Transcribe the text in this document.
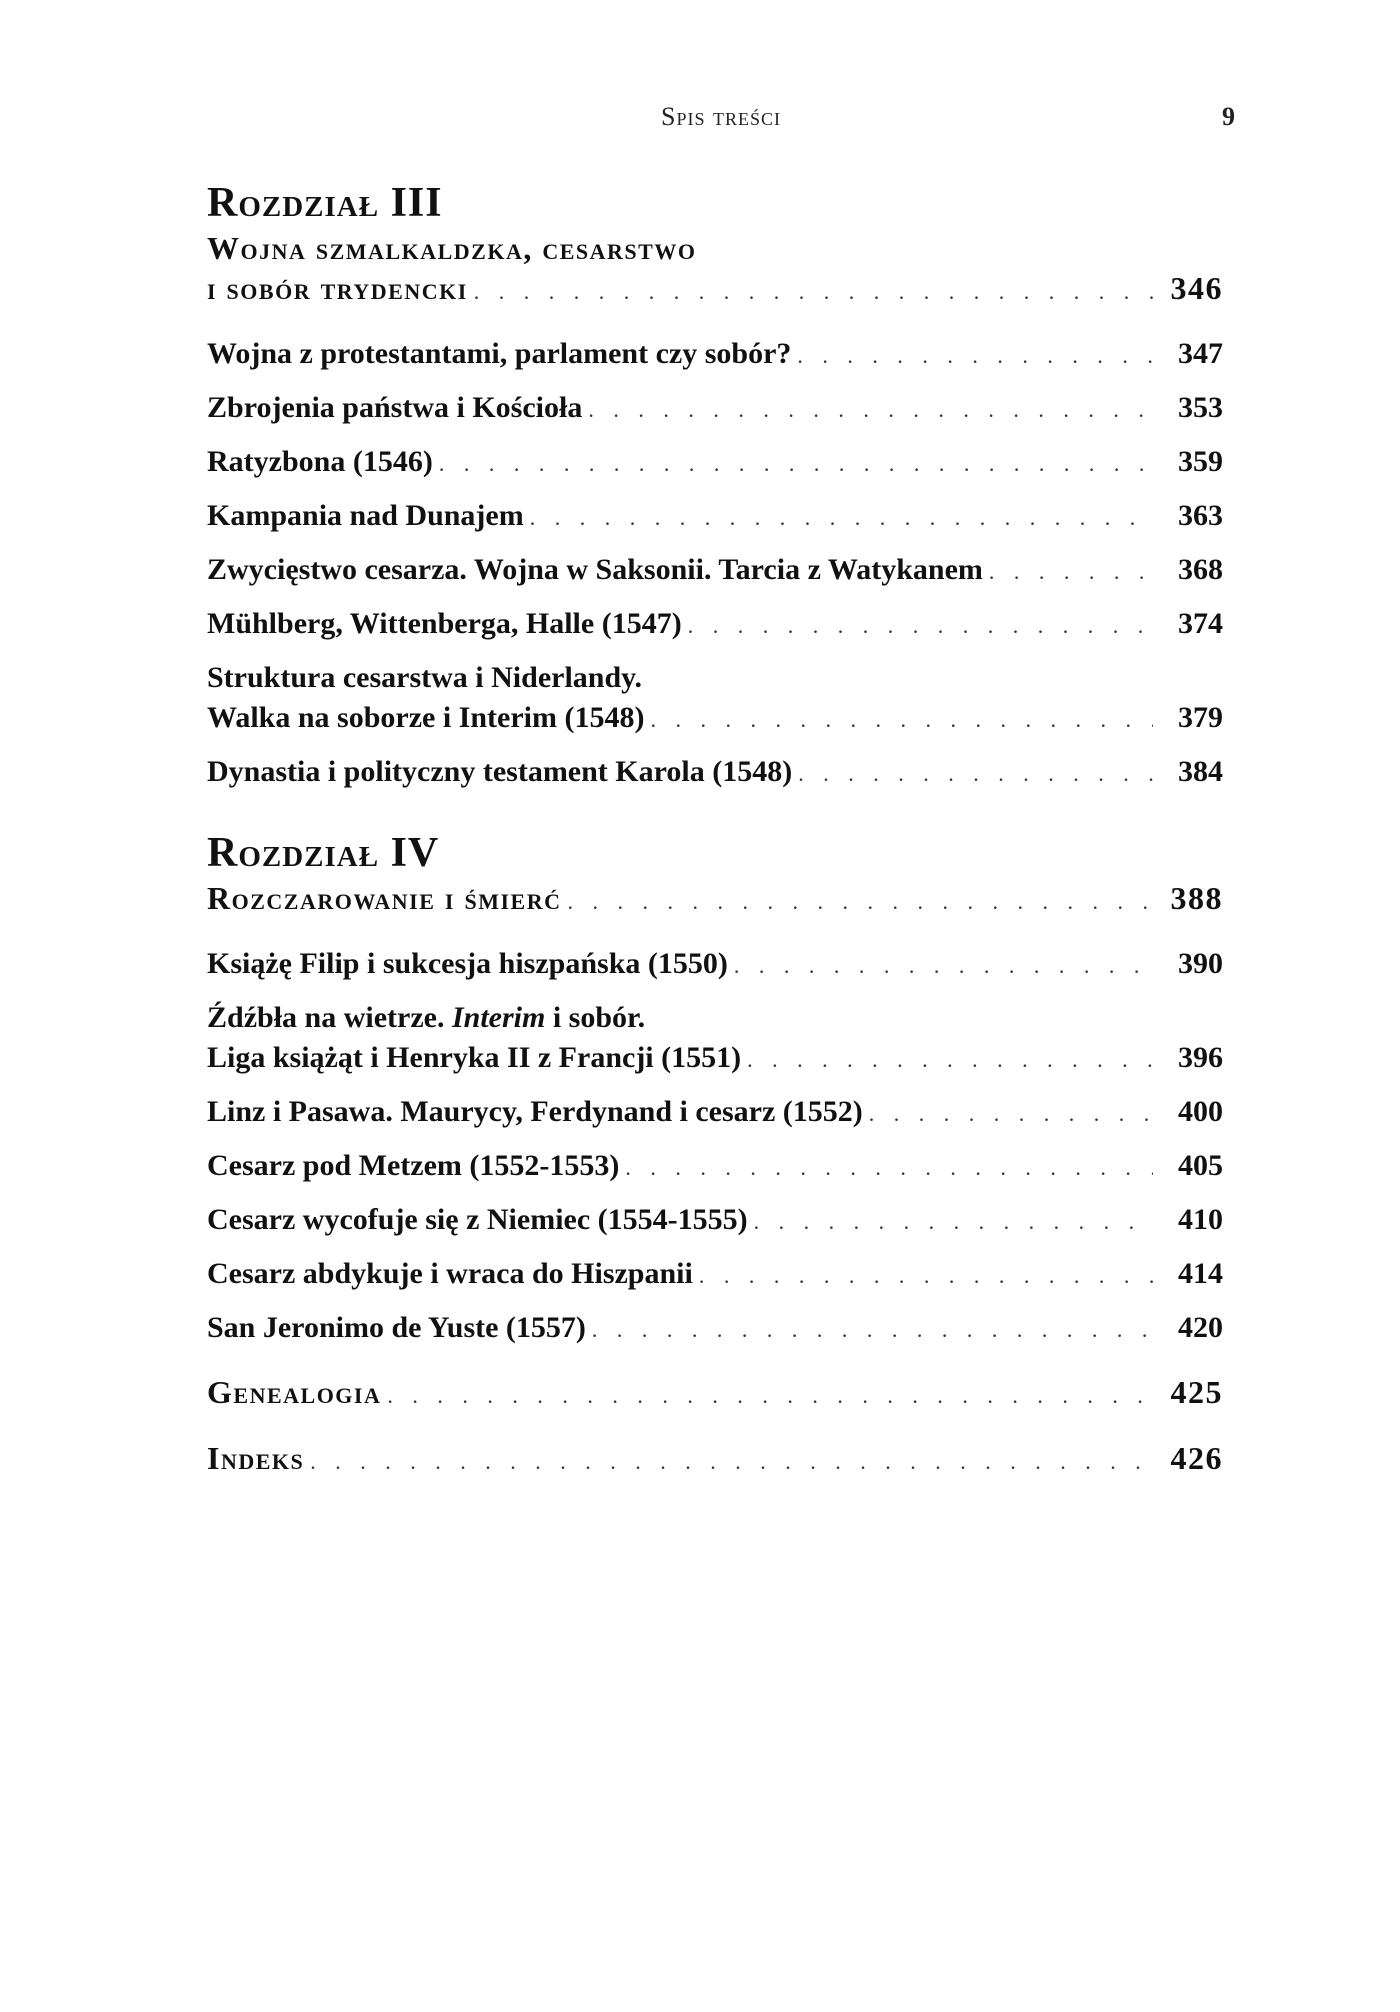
Spis treści	9
Rozdział III
Wojna szmalkaldzka, cesarstwo
i sobór trydencki . . .	346
Wojna z protestantami, parlament czy sobór? . . .	347
Zbrojenia państwa i Kościoła . . .	353
Ratyzbona (1546) . . .	359
Kampania nad Dunajem . . .	363
Zwycięstwo cesarza. Wojna w Saksonii. Tarcia z Watykanem . . .	368
Mühlberg, Wittenberga, Halle (1547) . . .	374
Struktura cesarstwa i Niderlandy.
Walka na soborze i Interim (1548) . . .	379
Dynastia i polityczny testament Karola (1548) . . .	384
Rozdział IV
Rozczarowanie i śmierć . . .	388
Książę Filip i sukcesja hiszpańska (1550) . . .	390
Źdźbła na wietrze. Interim i sobór.
Liga książąt i Henryka II z Francji (1551) . . .	396
Linz i Pasawa. Maurycy, Ferdynand i cesarz (1552) . . .	400
Cesarz pod Metzem (1552-1553) . . .	405
Cesarz wycofuje się z Niemiec (1554-1555) . . .	410
Cesarz abdykuje i wraca do Hiszpanii . . .	414
San Jeronimo de Yuste (1557) . . .	420
Genealogia . . .	425
Indeks . . .	426
